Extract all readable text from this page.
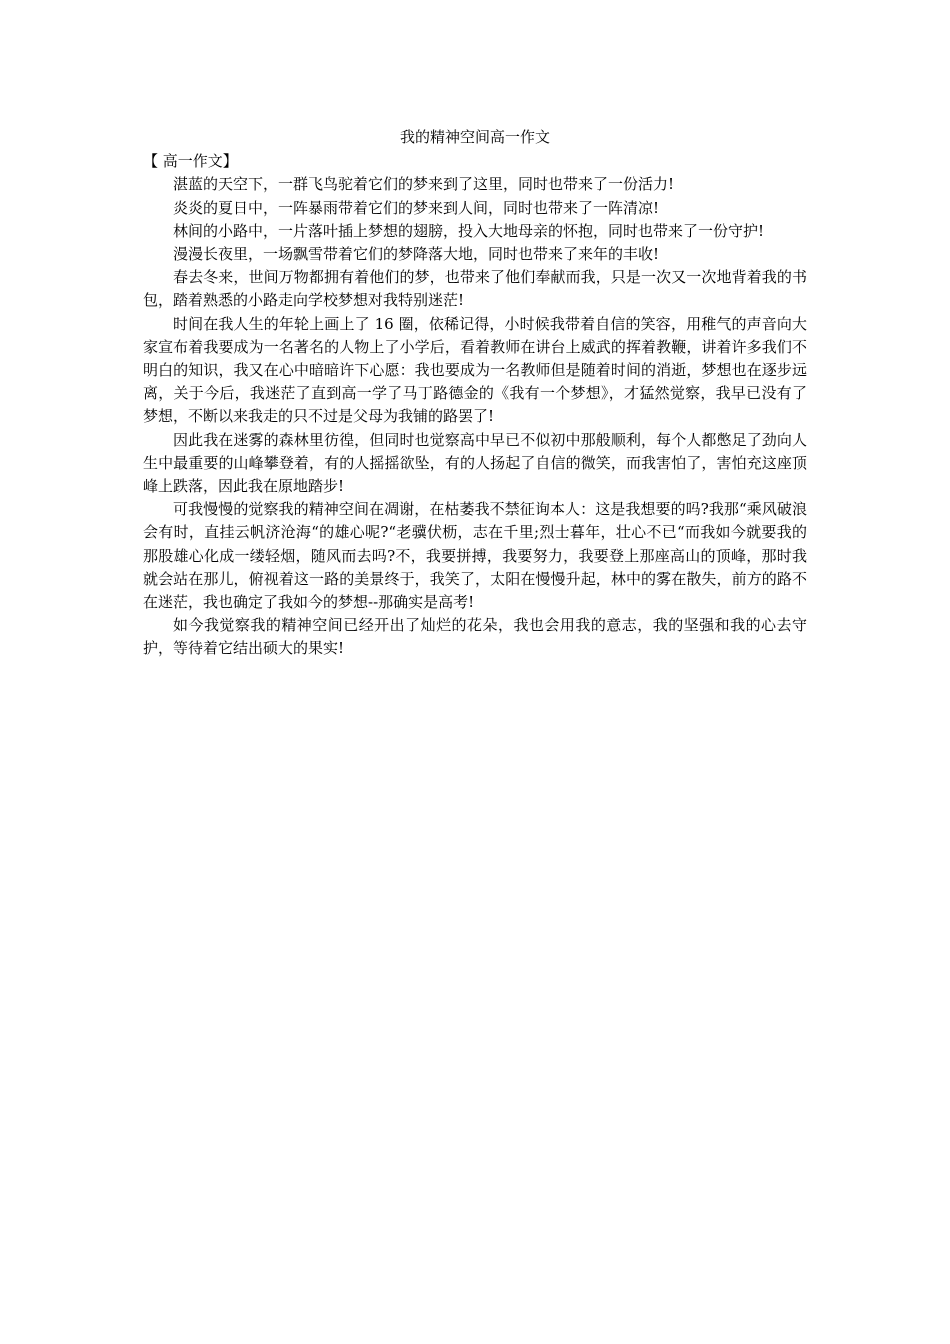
我的精神空间高一作文
【 高一作文】

湛蓝的天空下，一群飞鸟驼着它们的梦来到了这里，同时也带来了一份活力!

炎炎的夏日中，一阵暴雨带着它们的梦来到人间，同时也带来了一阵清凉!

林间的小路中，一片落叶插上梦想的翅膀，投入大地母亲的怀抱，同时也带来了一份守护!

漫漫长夜里，一场飘雪带着它们的梦降落大地，同时也带来了来年的丰收!

春去冬来，世间万物都拥有着他们的梦，也带来了他们奉献而我，只是一次又一次地背着我的书包，踏着熟悉的小路走向学校梦想对我特别迷茫!

时间在我人生的年轮上画上了 16 圈，依稀记得，小时候我带着自信的笑容，用稚气的声音向大家宣布着我要成为一名著名的人物上了小学后，看着教师在讲台上威武的挥着教鞭，讲着许多我们不明白的知识，我又在心中暗暗许下心愿：我也要成为一名教师但是随着时间的消逝，梦想也在逐步远离，关于今后，我迷茫了直到高一学了马丁路德金的《我有一个梦想》，才猛然觉察，我早已没有了梦想，不断以来我走的只不过是父母为我铺的路罢了!

因此我在迷雾的森林里彷徨，但同时也觉察高中早已不似初中那般顺利，每个人都憋足了劲向人生中最重要的山峰攀登着，有的人摇摇欲坠，有的人扬起了自信的微笑，而我害怕了，害怕充这座顶峰上跌落，因此我在原地踏步!

可我慢慢的觉察我的精神空间在凋谢，在枯萎我不禁征询本人：这是我想要的吗?我那“乘风破浪会有时，直挂云帆济沧海“的雄心呢?“老骥伏枥，志在千里;烈士暮年，壮心不已“而我如今就要我的那股雄心化成一缕轻烟，随风而去吗?不，我要拼搏，我要努力，我要登上那座高山的顶峰，那时我就会站在那儿，俯视着这一路的美景终于，我笑了，太阳在慢慢升起，林中的雾在散失，前方的路不在迷茫，我也确定了我如今的梦想--那确实是高考!

如今我觉察我的精神空间已经开出了灿烂的花朵，我也会用我的意志，我的坚强和我的心去守护，等待着它结出硕大的果实!
